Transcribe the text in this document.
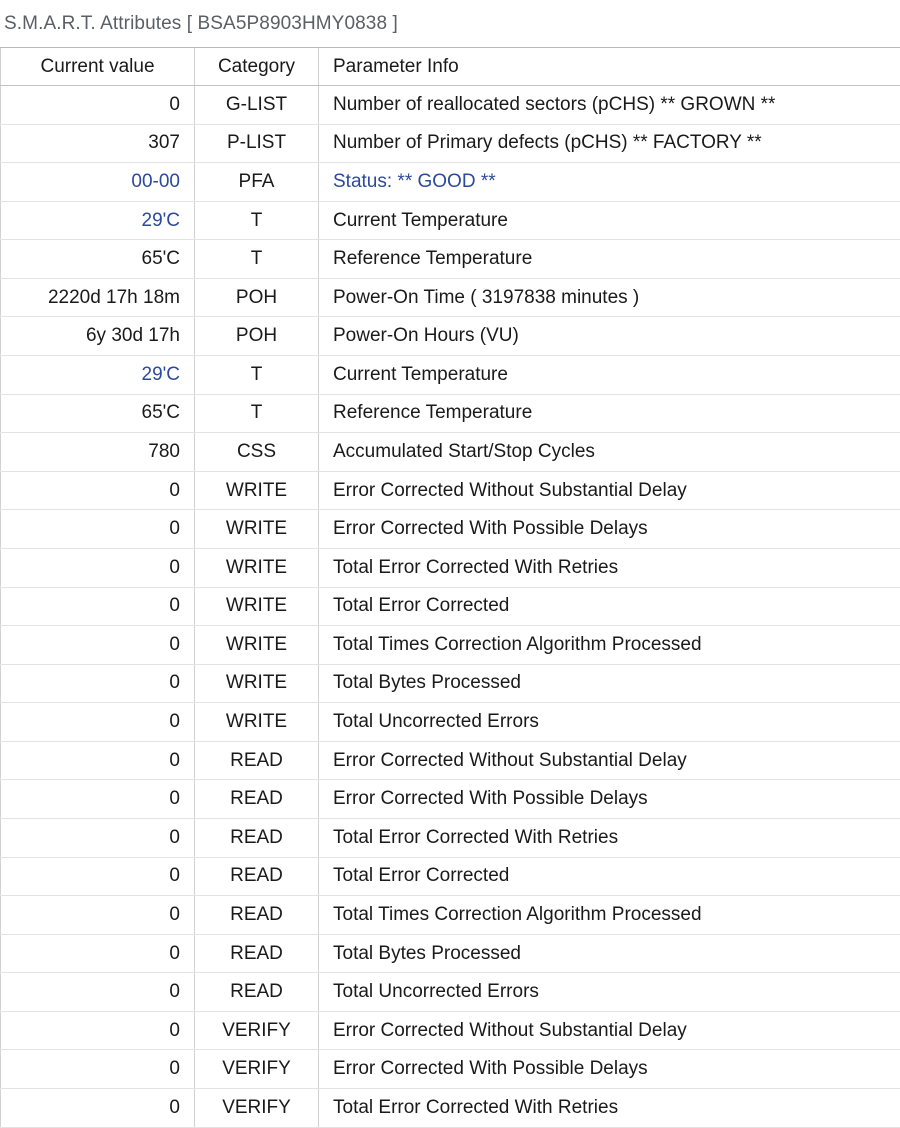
S.M.A.R.T. Attributes [ BSA5P8903HMY0838 ]
Current value	Category	Parameter Info
0	G-LIST	Number of reallocated sectors (pCHS) ** GROWN **
307	P-LIST	Number of Primary defects (pCHS) ** FACTORY **
00-00	PFA	Status: ** GOOD **
29'C	T	Current Temperature
65'C	T	Reference Temperature
2220d 17h 18m	POH	Power-On Time ( 3197838 minutes )
6y 30d 17h	POH	Power-On Hours (VU)
29'C	T	Current Temperature
65'C	T	Reference Temperature
780	CSS	Accumulated Start/Stop Cycles
0	WRITE	Error Corrected Without Substantial Delay
0	WRITE	Error Corrected With Possible Delays
0	WRITE	Total Error Corrected With Retries
0	WRITE	Total Error Corrected
0	WRITE	Total Times Correction Algorithm Processed
0	WRITE	Total Bytes Processed
0	WRITE	Total Uncorrected Errors
0	READ	Error Corrected Without Substantial Delay
0	READ	Error Corrected With Possible Delays
0	READ	Total Error Corrected With Retries
0	READ	Total Error Corrected
0	READ	Total Times Correction Algorithm Processed
0	READ	Total Bytes Processed
0	READ	Total Uncorrected Errors
0	VERIFY	Error Corrected Without Substantial Delay
0	VERIFY	Error Corrected With Possible Delays
0	VERIFY	Total Error Corrected With Retries
